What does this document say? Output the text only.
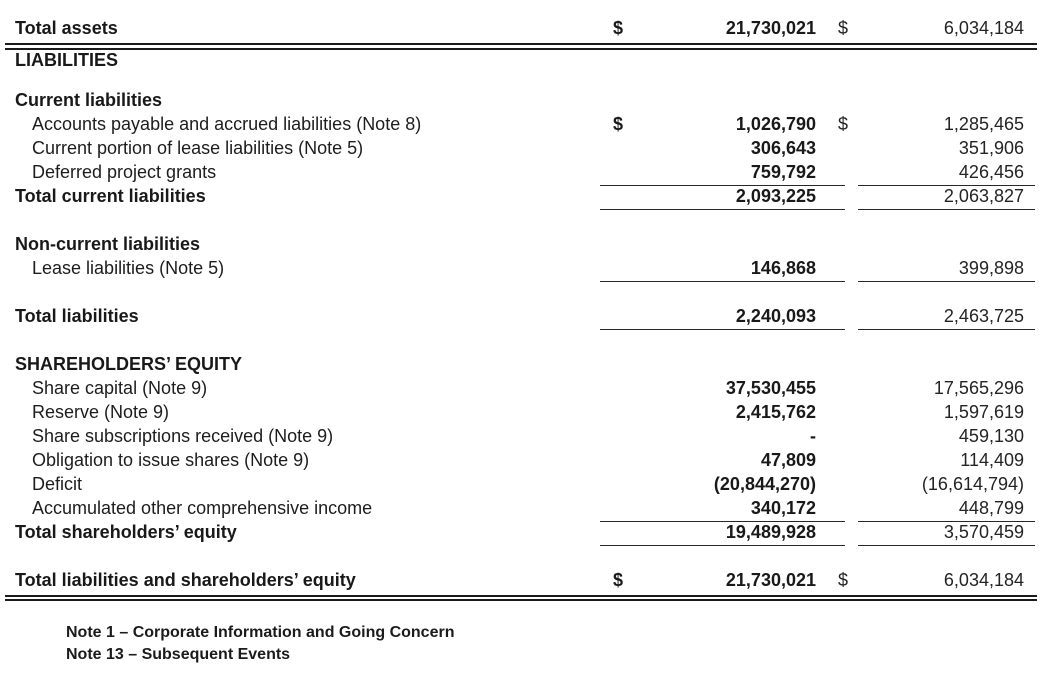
Total assets	$	21,730,021	$	6,034,184
LIABILITIES
Current liabilities
Accounts payable and accrued liabilities (Note 8)	$	1,026,790	$	1,285,465
Current portion of lease liabilities (Note 5)	306,643	351,906
Deferred project grants	759,792	426,456
Total current liabilities	2,093,225	2,063,827
Non-current liabilities
Lease liabilities (Note 5)	146,868	399,898
Total liabilities	2,240,093	2,463,725
SHAREHOLDERS’ EQUITY
Share capital (Note 9)	37,530,455	17,565,296
Reserve (Note 9)	2,415,762	1,597,619
Share subscriptions received (Note 9)	-	459,130
Obligation to issue shares (Note 9)	47,809	114,409
Deficit	(20,844,270)	(16,614,794)
Accumulated other comprehensive income	340,172	448,799
Total shareholders’ equity	19,489,928	3,570,459
Total liabilities and shareholders’ equity	$	21,730,021	$	6,034,184
Note 1 – Corporate Information and Going Concern
Note 13 – Subsequent Events
